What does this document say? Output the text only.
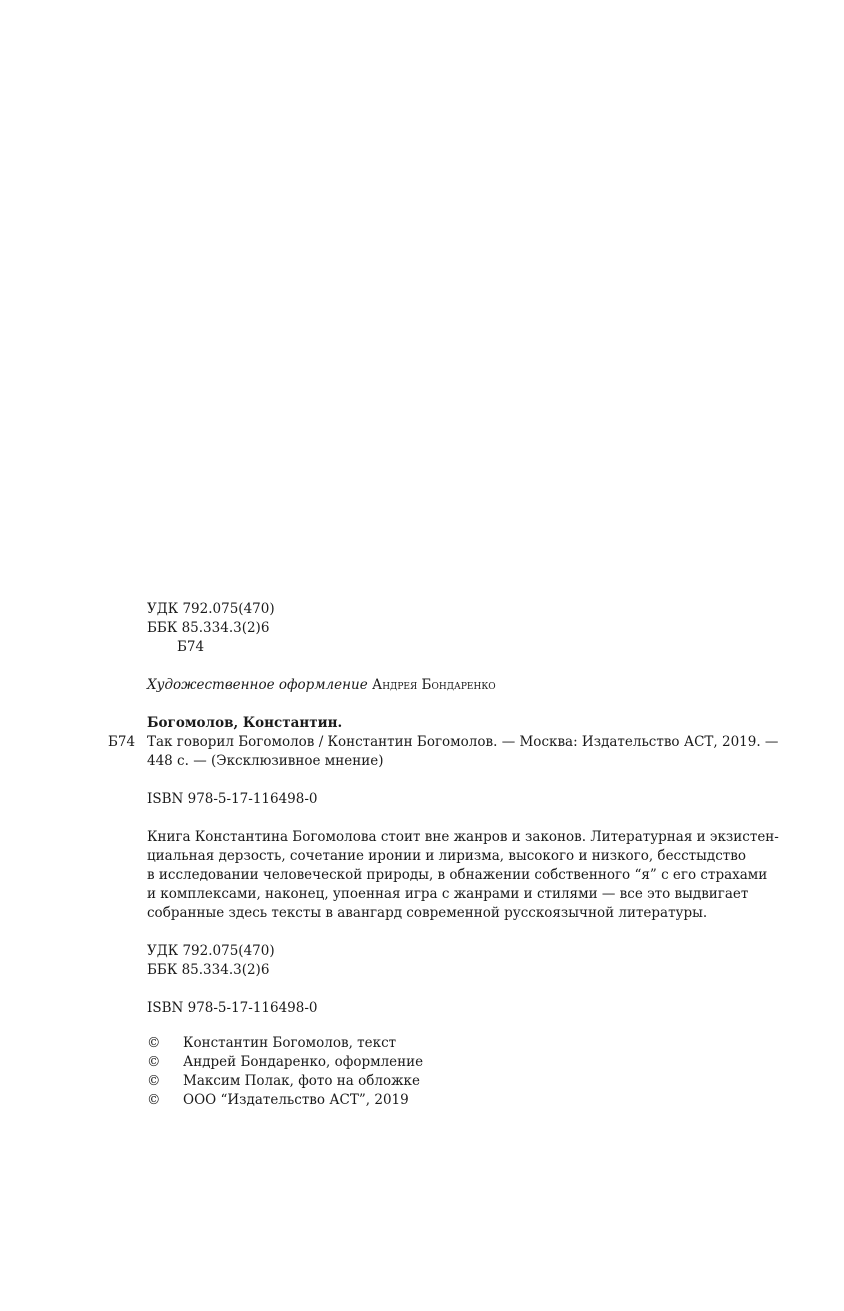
УДК 792.075(470)
ББК 85.334.3(2)6
Б74
Художественное оформление Андрея Бондаренко
Б74
Богомолов, Константин.
Так говорил Богомолов / Константин Богомолов. — Москва: Издательство АСТ, 2019. —
448 с. — (Эксклюзивное мнение)
ISBN 978-5-17-116498-0
Книга Константина Богомолова стоит вне жанров и законов. Литературная и экзистен-
циальная дерзость, сочетание иронии и лиризма, высокого и низкого, бесстыдство
в исследовании человеческой природы, в обнажении собственного “я” с его страхами
и комплексами, наконец, упоенная игра с жанрами и стилями — все это выдвигает
собранные здесь тексты в авангард современной русскоязычной литературы.
УДК 792.075(470)
ББК 85.334.3(2)6
ISBN 978-5-17-116498-0
© Константин Богомолов, текст
© Андрей Бондаренко, оформление
© Максим Полак, фото на обложке
© ООО “Издательство АСТ”, 2019
